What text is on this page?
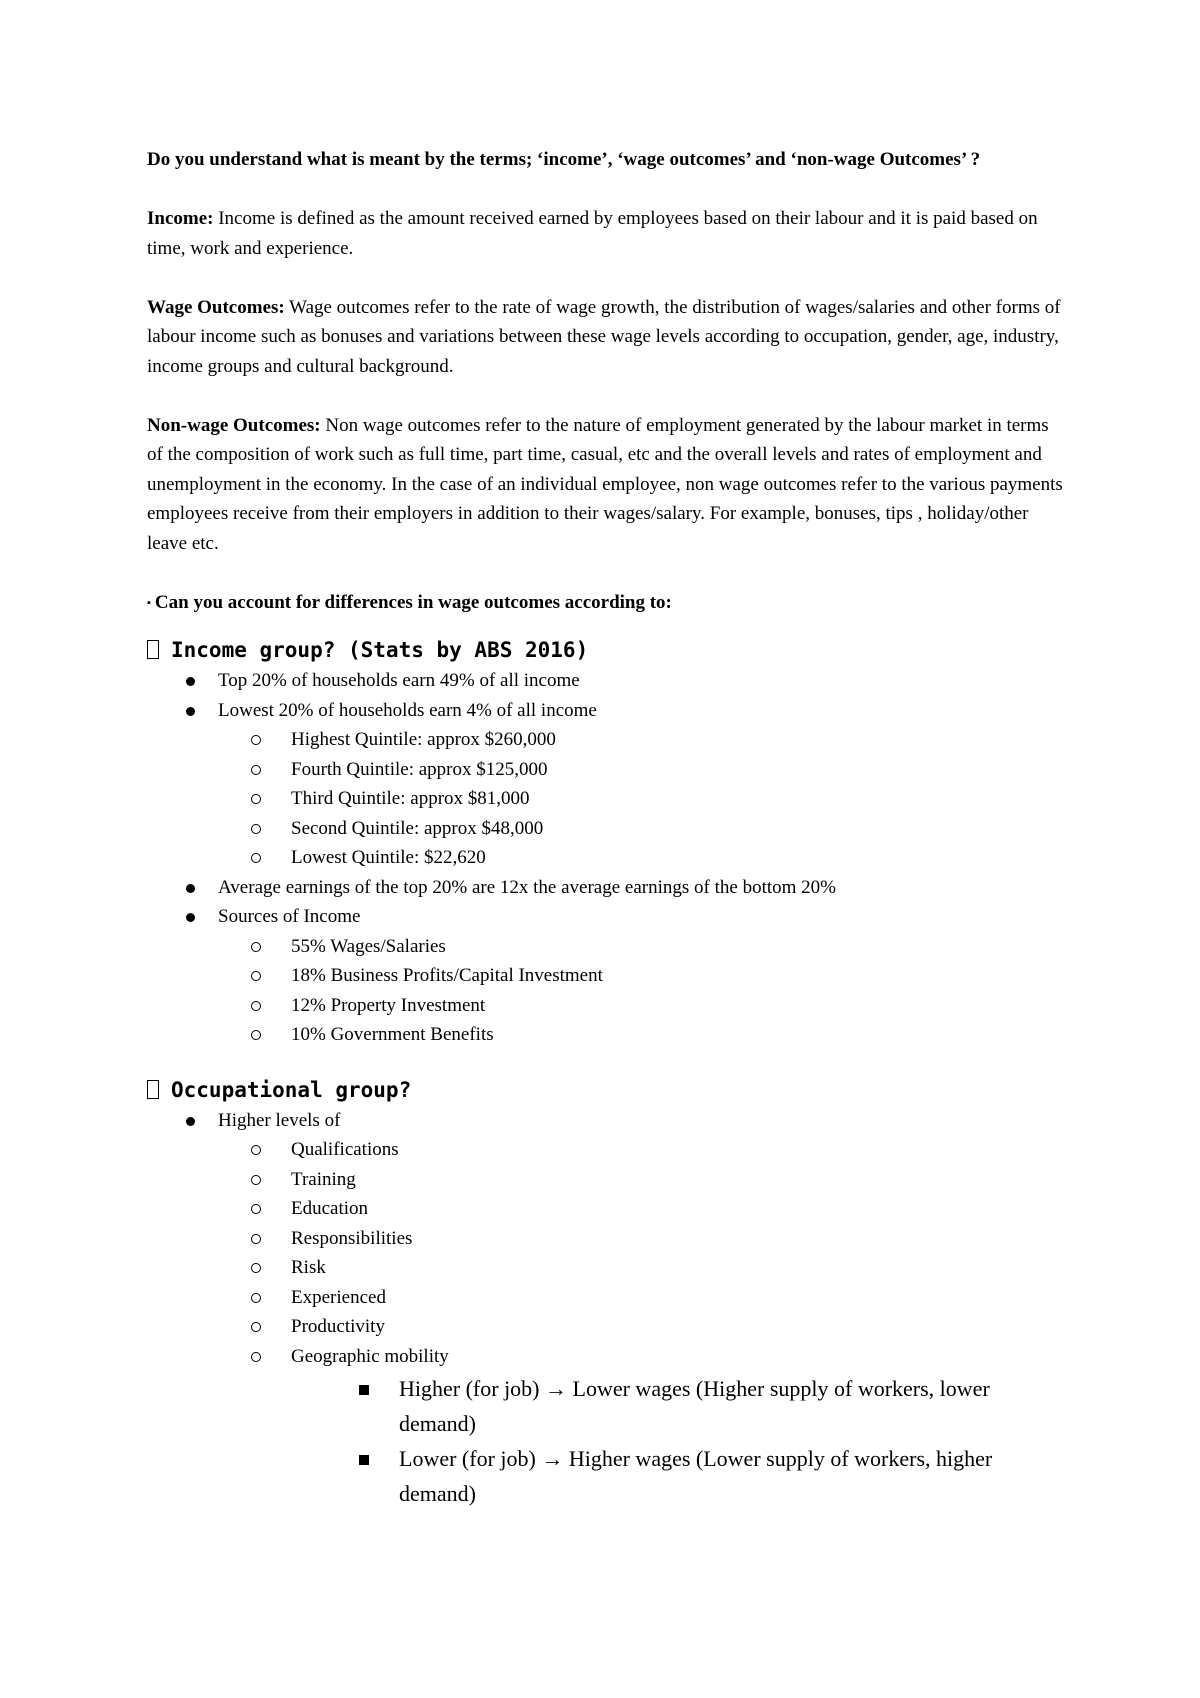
Do you understand what is meant by the terms; ‘income’, ‘wage outcomes’ and ‘non-wage Outcomes’ ?

Income: Income is defined as the amount received earned by employees based on their labour and it is paid based on time, work and experience.

Wage Outcomes: Wage outcomes refer to the rate of wage growth, the distribution of wages/salaries and other forms of labour income such as bonuses and variations between these wage levels according to occupation, gender, age, industry, income groups and cultural background.

Non-wage Outcomes: Non wage outcomes refer to the nature of employment generated by the labour market in terms of the composition of work such as full time, part time, casual, etc and the overall levels and rates of employment and unemployment in the economy. In the case of an individual employee, non wage outcomes refer to the various payments employees receive from their employers in addition to their wages/salary. For example, bonuses, tips , holiday/other leave etc.

▪ Can you account for differences in wage outcomes according to:

Income group? (Stats by ABS 2016)
Top 20% of households earn 49% of all income
Lowest 20% of households earn 4% of all income
Highest Quintile: approx $260,000
Fourth Quintile: approx $125,000
Third Quintile: approx $81,000
Second Quintile: approx $48,000
Lowest Quintile: $22,620
Average earnings of the top 20% are 12x the average earnings of the bottom 20%
Sources of Income
55% Wages/Salaries
18% Business Profits/Capital Investment
12% Property Investment
10% Government Benefits
Occupational group?
Higher levels of
Qualifications
Training
Education
Responsibilities
Risk
Experienced
Productivity
Geographic mobility
Higher (for job) → Lower wages (Higher supply of workers, lower demand)
Lower (for job) → Higher wages (Lower supply of workers, higher demand)
